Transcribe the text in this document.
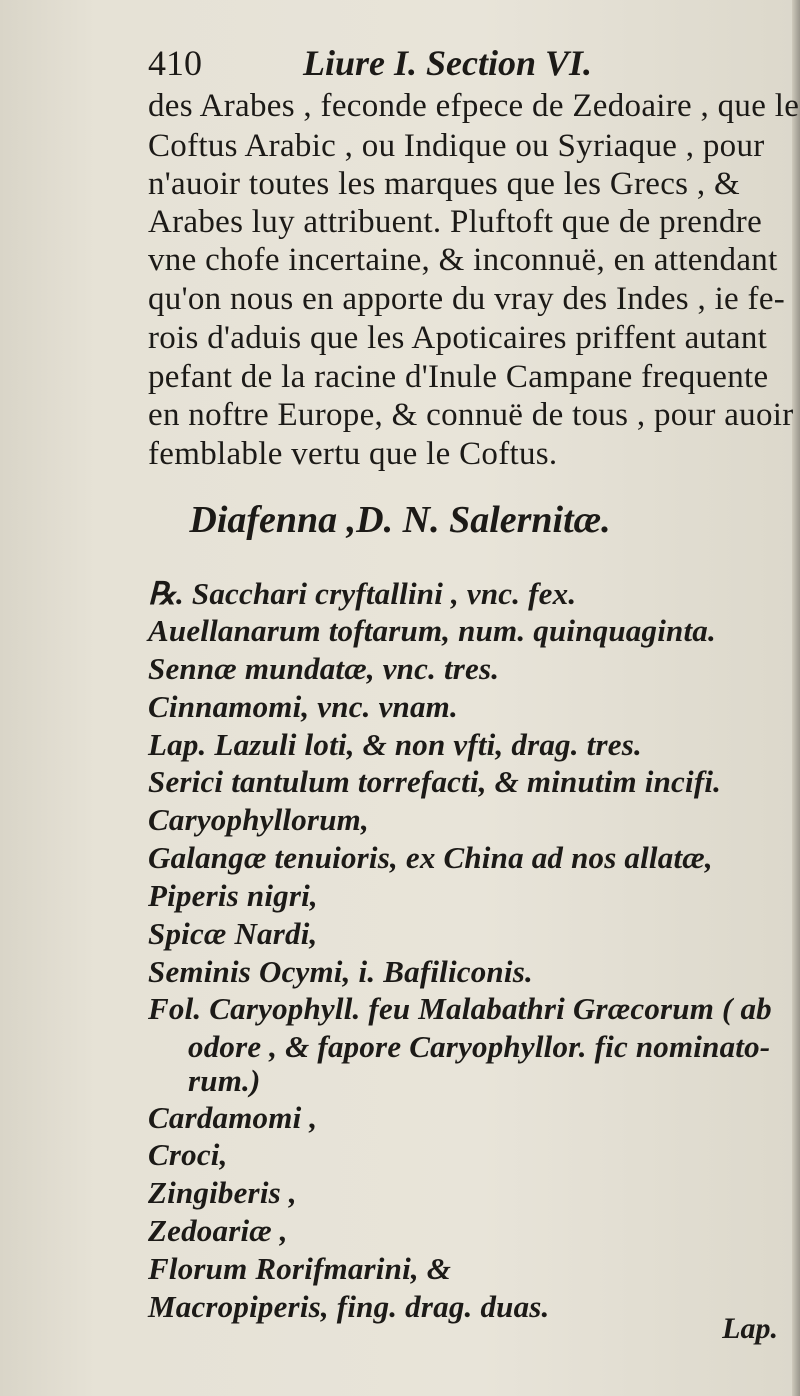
410	Liure I. Section VI.
des Arabes , feconde efpece de Zedoaire , que le
Coftus Arabic , ou Indique ou Syriaque , pour
n'auoir toutes les marques que les Grecs , &
Arabes luy attribuent. Pluftoft que de prendre
vne chofe incertaine, & inconnuë, en attendant
qu'on nous en apporte du vray des Indes , ie fe-
rois d'aduis que les Apoticaires priffent autant
pefant de la racine d'Inule Campane frequente
en noftre Europe, & connuë de tous , pour auoir
femblable vertu que le Coftus.
Diafenna ,D. N. Salernitæ.
℞. Sacchari cryftallini , vnc. fex.
Auellanarum toftarum, num. quinquaginta.
Sennæ mundatæ, vnc. tres.
Cinnamomi, vnc. vnam.
Lap. Lazuli loti, & non vfti, drag. tres.
Serici tantulum torrefacti, & minutim incifi.
Caryophyllorum,
Galangæ tenuioris, ex China ad nos allatæ,
Piperis nigri,
Spicæ Nardi,
Seminis Ocymi, i. Bafiliconis.
Fol. Caryophyll. feu Malabathri Græcorum ( ab
odore , & fapore Caryophyllor. fic nominato-
rum.)
Cardamomi ,
Croci,
Zingiberis ,
Zedoariæ ,
Florum Rorifmarini, &
Macropiperis, fing. drag. duas.
Lap.
